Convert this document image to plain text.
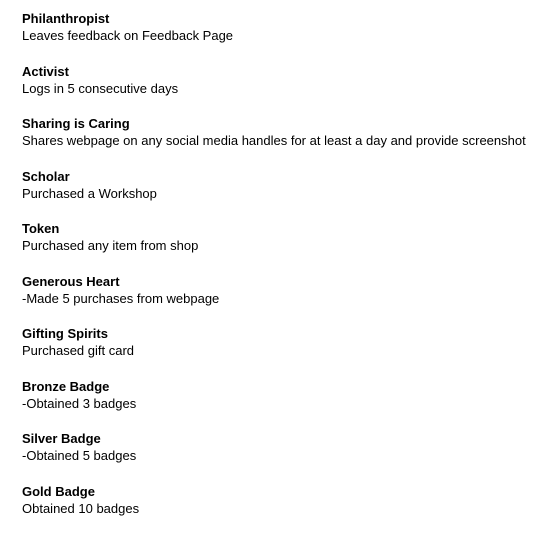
Philanthropist
Leaves feedback on Feedback Page
Activist
Logs in 5 consecutive days
Sharing is Caring
Shares webpage on any social media handles for at least a day and provide screenshot
Scholar
Purchased a Workshop
Token
Purchased any item from shop
Generous Heart
-Made 5 purchases from webpage
Gifting Spirits
Purchased gift card
Bronze Badge
-Obtained 3 badges
Silver Badge
-Obtained 5 badges
Gold Badge
Obtained 10 badges
